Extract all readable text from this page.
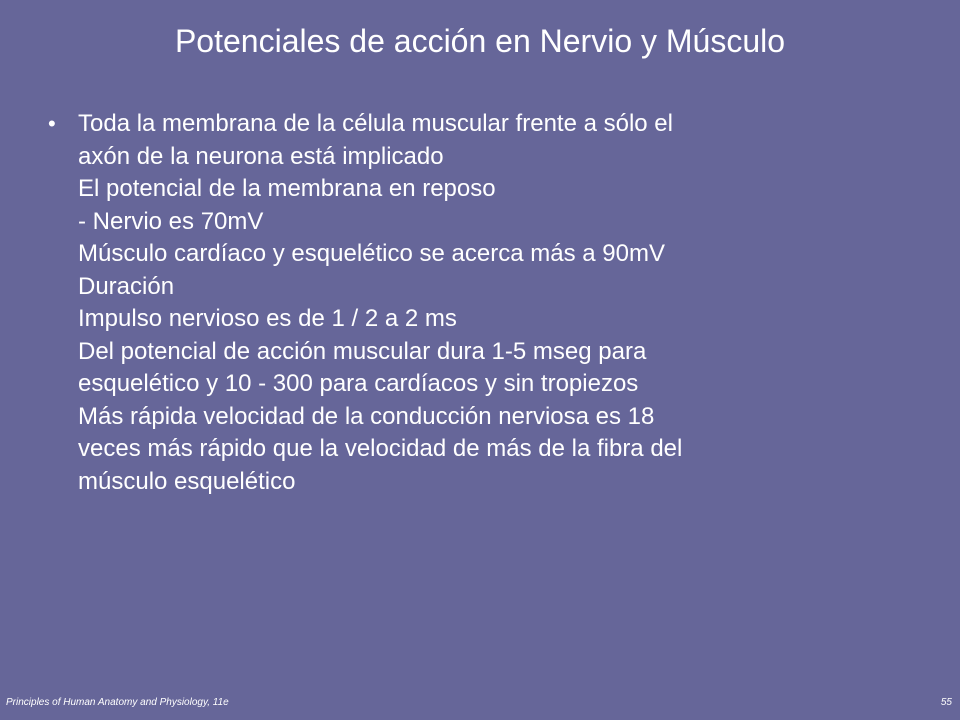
Potenciales de acción en Nervio y Músculo
• Toda la membrana de la célula muscular frente a sólo el
axón de la neurona está implicado
El potencial de la membrana en reposo
- Nervio es 70mV
Músculo cardíaco y esquelético se acerca más a 90mV
Duración
Impulso nervioso es de 1 / 2 a 2 ms
Del potencial de acción muscular dura 1-5 mseg para
esquelético y 10 - 300 para cardíacos y sin tropiezos
Más rápida velocidad de la conducción nerviosa es 18
veces más rápido que la velocidad de más de la fibra del
músculo esquelético
Principles of Human Anatomy and Physiology, 11e	55
